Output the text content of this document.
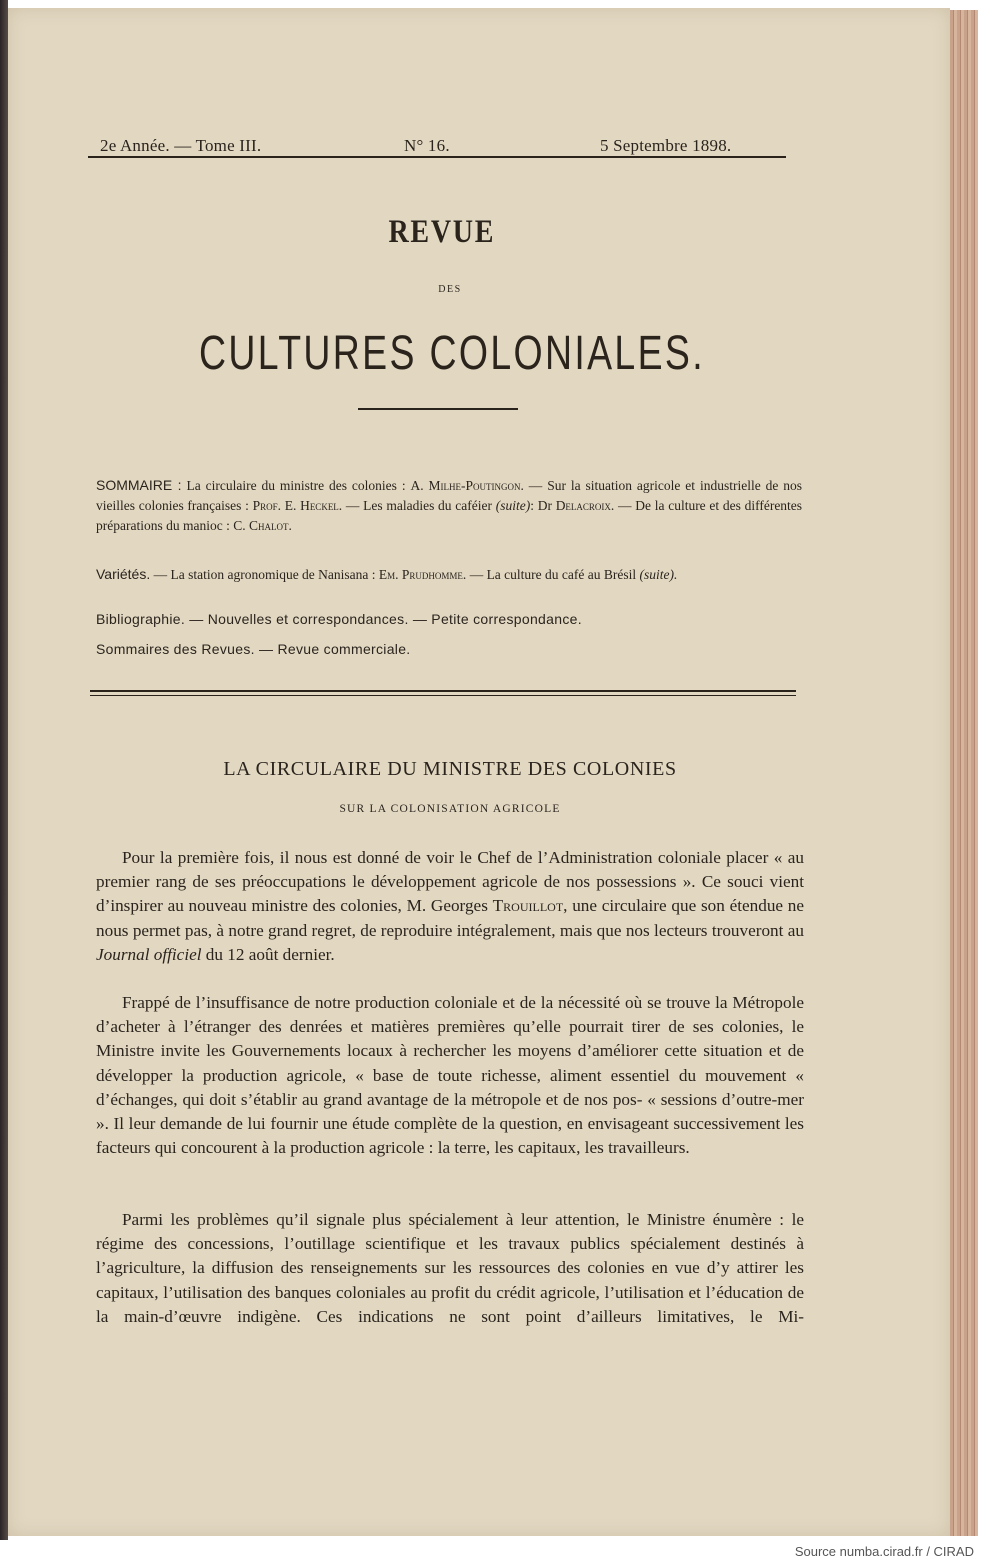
2e Année. — Tome III.	N° 16.	5 Septembre 1898.
REVUE
DES
CULTURES COLONIALES.
SOMMAIRE : La circulaire du ministre des colonies : A. Milhe-Poutingon. — Sur la situation agricole et industrielle de nos vieilles colonies françaises : Prof. E. Heckel. — Les maladies du caféier (suite): Dr Delacroix. — De la culture et des différentes préparations du manioc : C. Chalot.
Variétés. — La station agronomique de Nanisana : Em. Prudhomme. — La culture du café au Brésil (suite).
Bibliographie. — Nouvelles et correspondances. — Petite correspondance.
Sommaires des Revues. — Revue commerciale.
LA CIRCULAIRE DU MINISTRE DES COLONIES
SUR LA COLONISATION AGRICOLE

Pour la première fois, il nous est donné de voir le Chef de l’Administration coloniale placer « au premier rang de ses préoccupations le développement agricole de nos possessions ». Ce souci vient d’inspirer au nouveau ministre des colonies, M. Georges Trouillot, une circulaire que son étendue ne nous permet pas, à notre grand regret, de reproduire intégralement, mais que nos lecteurs trouveront au Journal officiel du 12 août dernier.

Frappé de l’insuffisance de notre production coloniale et de la nécessité où se trouve la Métropole d’acheter à l’étranger des denrées et matières premières qu’elle pourrait tirer de ses colonies, le Ministre invite les Gouvernements locaux à rechercher les moyens d’améliorer cette situation et de développer la production agricole, « base de toute richesse, aliment essentiel du mouvement « d’échanges, qui doit s’établir au grand avantage de la métropole et de nos pos- « sessions d’outre-mer ». Il leur demande de lui fournir une étude complète de la question, en envisageant successivement les facteurs qui concourent à la production agricole : la terre, les capitaux, les travailleurs.

Parmi les problèmes qu’il signale plus spécialement à leur attention, le Ministre énumère : le régime des concessions, l’outillage scientifique et les travaux publics spécialement destinés à l’agriculture, la diffusion des renseignements sur les ressources des colonies en vue d’y attirer les capitaux, l’utilisation des banques coloniales au profit du crédit agricole, l’utilisation et l’éducation de la main-d’œuvre indigène. Ces indications ne sont point d’ailleurs limitatives, le Mi-

Source numba.cirad.fr / CIRAD
